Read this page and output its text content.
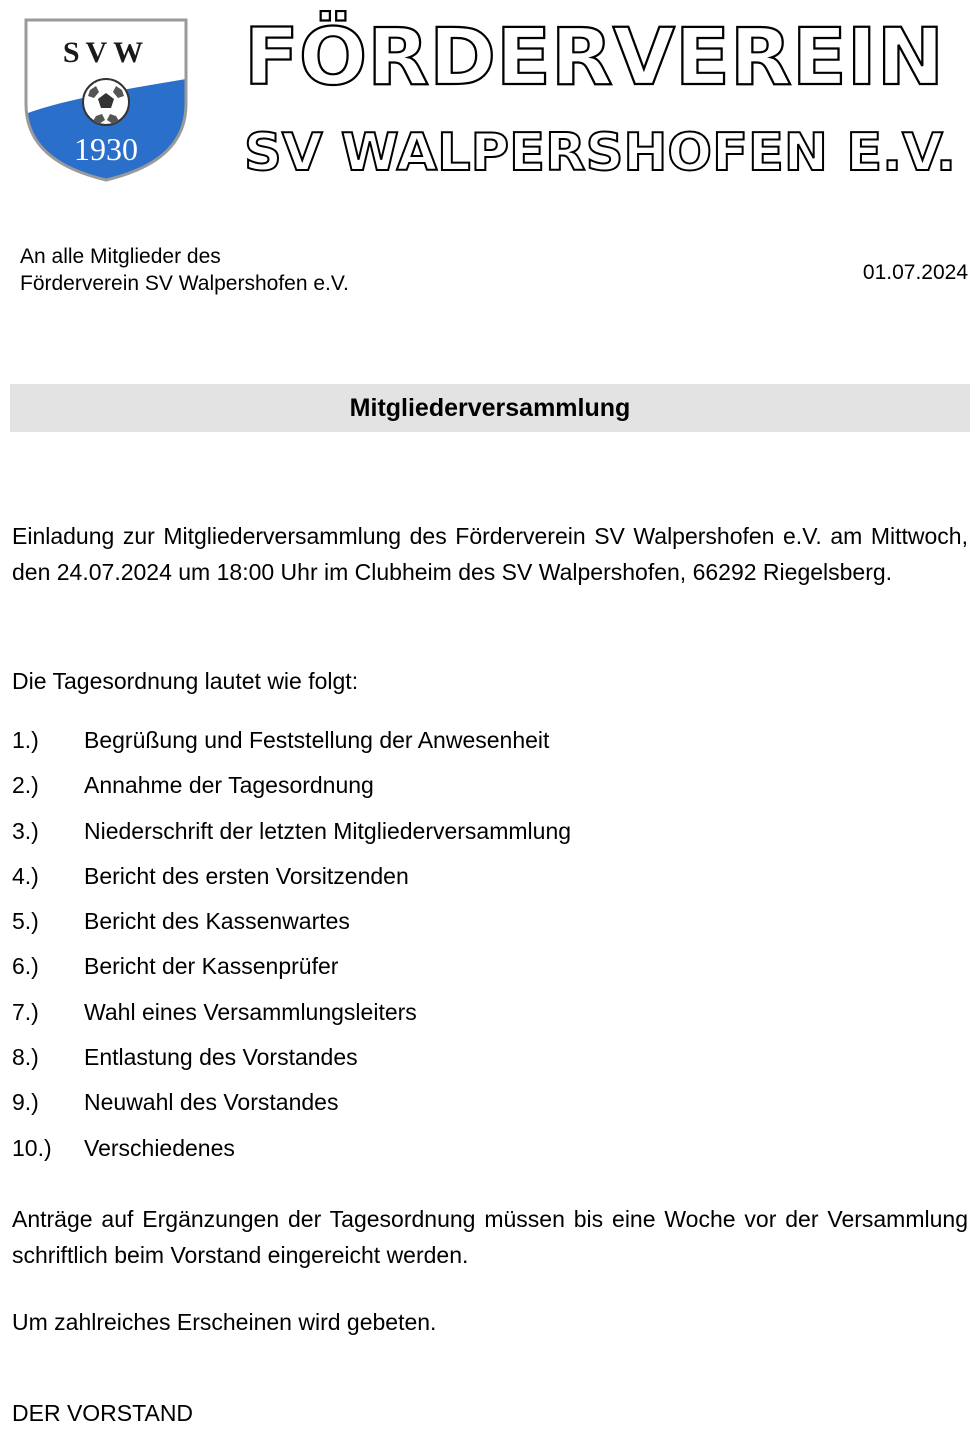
SVW
1930
FÖRDERVEREIN
SV WALPERSHOFEN E.V.
An alle Mitglieder des
Förderverein SV Walpershofen e.V.	01.07.2024
Mitgliederversammlung

Einladung zur Mitgliederversammlung des Förderverein SV Walpershofen e.V. am Mittwoch, den 24.07.2024 um 18:00 Uhr im Clubheim des SV Walpershofen, 66292 Riegelsberg.

Die Tagesordnung lautet wie folgt:

1.)	Begrüßung und Feststellung der Anwesenheit
2.)	Annahme der Tagesordnung
3.)	Niederschrift der letzten Mitgliederversammlung
4.)	Bericht des ersten Vorsitzenden
5.)	Bericht des Kassenwartes
6.)	Bericht der Kassenprüfer
7.)	Wahl eines Versammlungsleiters
8.)	Entlastung des Vorstandes
9.)	Neuwahl des Vorstandes
10.)	Verschiedenes

Anträge auf Ergänzungen der Tagesordnung müssen bis eine Woche vor der Versammlung schriftlich beim Vorstand eingereicht werden.

Um zahlreiches Erscheinen wird gebeten.

DER VORSTAND
